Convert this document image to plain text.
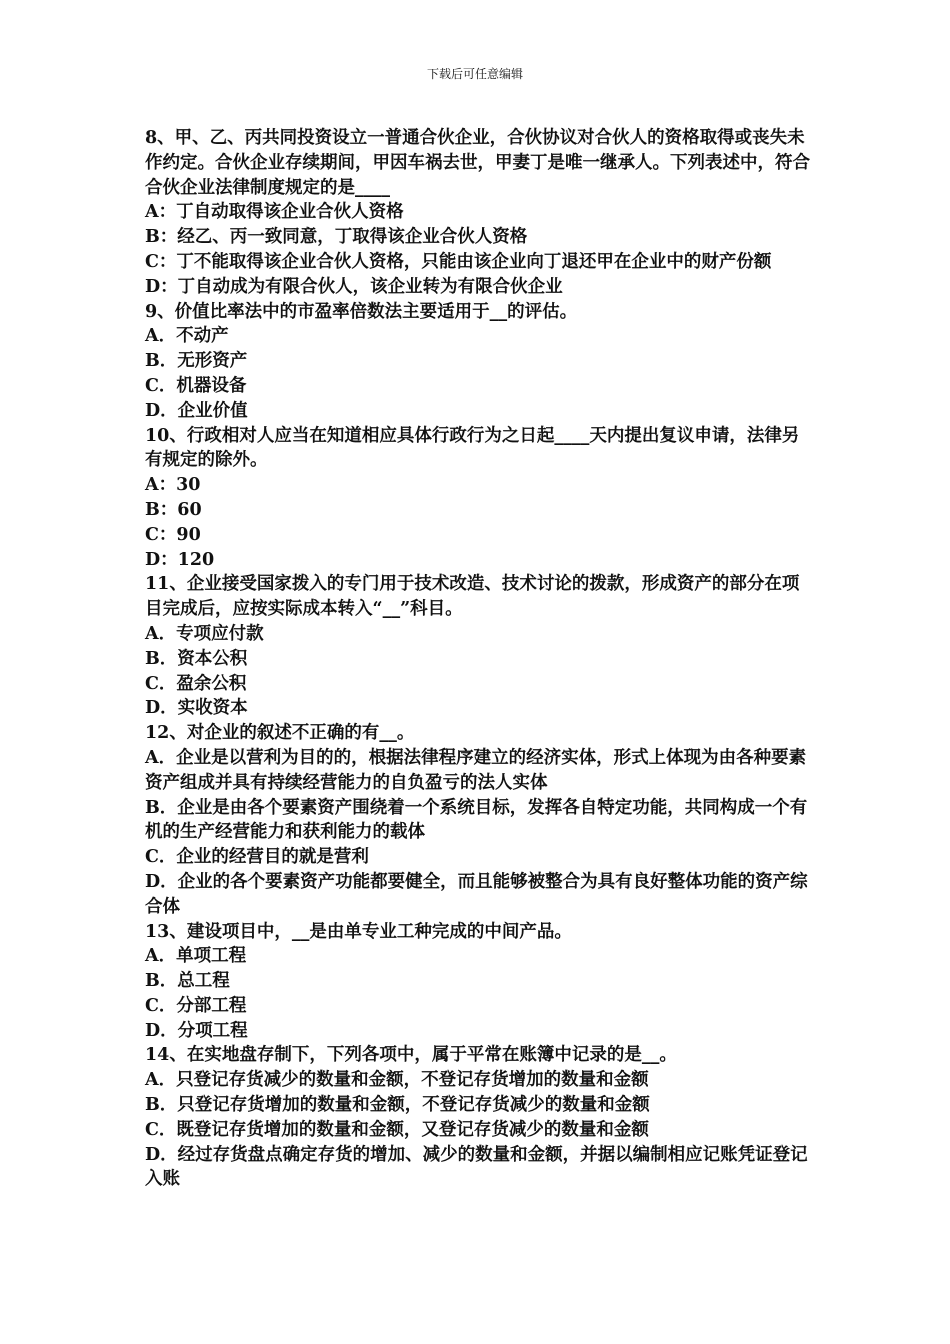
下载后可任意编辑

8、甲、乙、丙共同投资设立一普通合伙企业，合伙协议对合伙人的资格取得或丧失未作约定。合伙企业存续期间，甲因车祸去世，甲妻丁是唯一继承人。下列表述中，符合合伙企业法律制度规定的是____

A：丁自动取得该企业合伙人资格

B：经乙、丙一致同意，丁取得该企业合伙人资格

C：丁不能取得该企业合伙人资格，只能由该企业向丁退还甲在企业中的财产份额

D：丁自动成为有限合伙人，该企业转为有限合伙企业

9、价值比率法中的市盈率倍数法主要适用于__的评估。

A．不动产

B．无形资产

C．机器设备

D．企业价值

10、行政相对人应当在知道相应具体行政行为之日起____天内提出复议申请，法律另有规定的除外。

A：30

B：60

C：90

D：120

11、企业接受国家拨入的专门用于技术改造、技术讨论的拨款，形成资产的部分在项目完成后，应按实际成本转入“__”科目。

A．专项应付款

B．资本公积

C．盈余公积

D．实收资本

12、对企业的叙述不正确的有__。

A．企业是以营利为目的的，根据法律程序建立的经济实体，形式上体现为由各种要素资产组成并具有持续经营能力的自负盈亏的法人实体

B．企业是由各个要素资产围绕着一个系统目标，发挥各自特定功能，共同构成一个有机的生产经营能力和获利能力的载体

C．企业的经营目的就是营利

D．企业的各个要素资产功能都要健全，而且能够被整合为具有良好整体功能的资产综合体

13、建设项目中，__是由单专业工种完成的中间产品。

A．单项工程

B．总工程

C．分部工程

D．分项工程

14、在实地盘存制下，下列各项中，属于平常在账簿中记录的是__。

A．只登记存货减少的数量和金额，不登记存货增加的数量和金额

B．只登记存货增加的数量和金额，不登记存货减少的数量和金额

C．既登记存货增加的数量和金额，又登记存货减少的数量和金额

D．经过存货盘点确定存货的增加、减少的数量和金额，并据以编制相应记账凭证登记入账
